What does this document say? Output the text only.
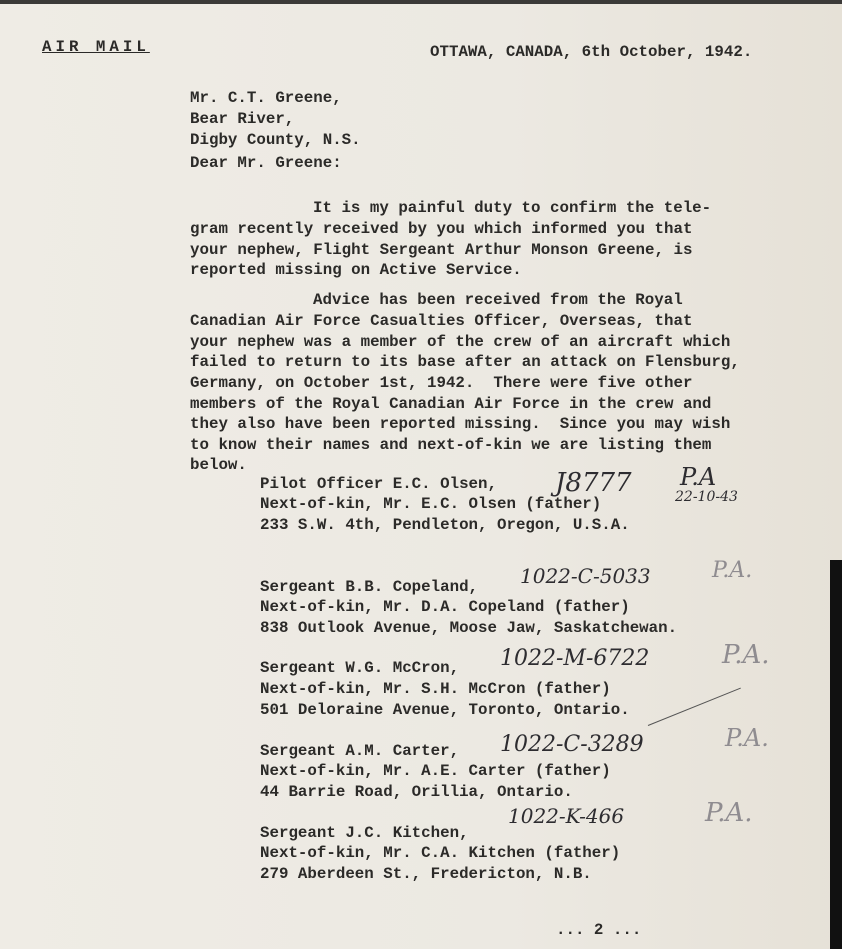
AIR MAIL	OTTAWA, CANADA, 6th October, 1942.
Mr. C.T. Greene,
Bear River,
Digby County, N.S.
Dear Mr. Greene:
It is my painful duty to confirm the tele-
gram recently received by you which informed you that
your nephew, Flight Sergeant Arthur Monson Greene, is
reported missing on Active Service.
Advice has been received from the Royal
Canadian Air Force Casualties Officer, Overseas, that
your nephew was a member of the crew of an aircraft which
failed to return to its base after an attack on Flensburg,
Germany, on October 1st, 1942.  There were five other
members of the Royal Canadian Air Force in the crew and
they also have been reported missing.  Since you may wish
to know their names and next-of-kin we are listing them
below.
Pilot Officer E.C. Olsen,
Next-of-kin, Mr. E.C. Olsen (father)
233 S.W. 4th, Pendleton, Oregon, U.S.A.
J8777 P.A
22-10-43
Sergeant B.B. Copeland,
Next-of-kin, Mr. D.A. Copeland (father)
838 Outlook Avenue, Moose Jaw, Saskatchewan.
1022-C-5033	P.A.
Sergeant W.G. McCron,
Next-of-kin, Mr. S.H. McCron (father)
501 Deloraine Avenue, Toronto, Ontario.
1022-M-6722	P.A.
Sergeant A.M. Carter,
Next-of-kin, Mr. A.E. Carter (father)
44 Barrie Road, Orillia, Ontario.
1022-C-3289	P.A.
Sergeant J.C. Kitchen,
Next-of-kin, Mr. C.A. Kitchen (father)
279 Aberdeen St., Fredericton, N.B.
1022-K-466	P.A.
... 2 ...
